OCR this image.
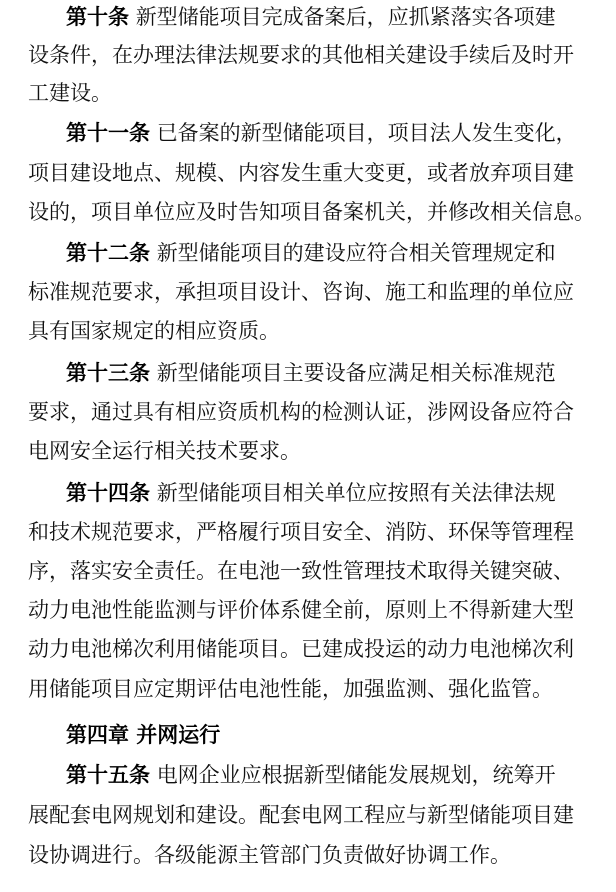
第十条 新型储能项目完成备案后，应抓紧落实各项建
设条件，在办理法律法规要求的其他相关建设手续后及时开
工建设。
第十一条 已备案的新型储能项目，项目法人发生变化，
项目建设地点、规模、内容发生重大变更，或者放弃项目建
设的，项目单位应及时告知项目备案机关，并修改相关信息。
第十二条 新型储能项目的建设应符合相关管理规定和
标准规范要求，承担项目设计、咨询、施工和监理的单位应
具有国家规定的相应资质。
第十三条 新型储能项目主要设备应满足相关标准规范
要求，通过具有相应资质机构的检测认证，涉网设备应符合
电网安全运行相关技术要求。
第十四条 新型储能项目相关单位应按照有关法律法规
和技术规范要求，严格履行项目安全、消防、环保等管理程
序，落实安全责任。在电池一致性管理技术取得关键突破、
动力电池性能监测与评价体系健全前，原则上不得新建大型
动力电池梯次利用储能项目。已建成投运的动力电池梯次利
用储能项目应定期评估电池性能，加强监测、强化监管。
第四章 并网运行
第十五条 电网企业应根据新型储能发展规划，统筹开
展配套电网规划和建设。配套电网工程应与新型储能项目建
设协调进行。各级能源主管部门负责做好协调工作。
